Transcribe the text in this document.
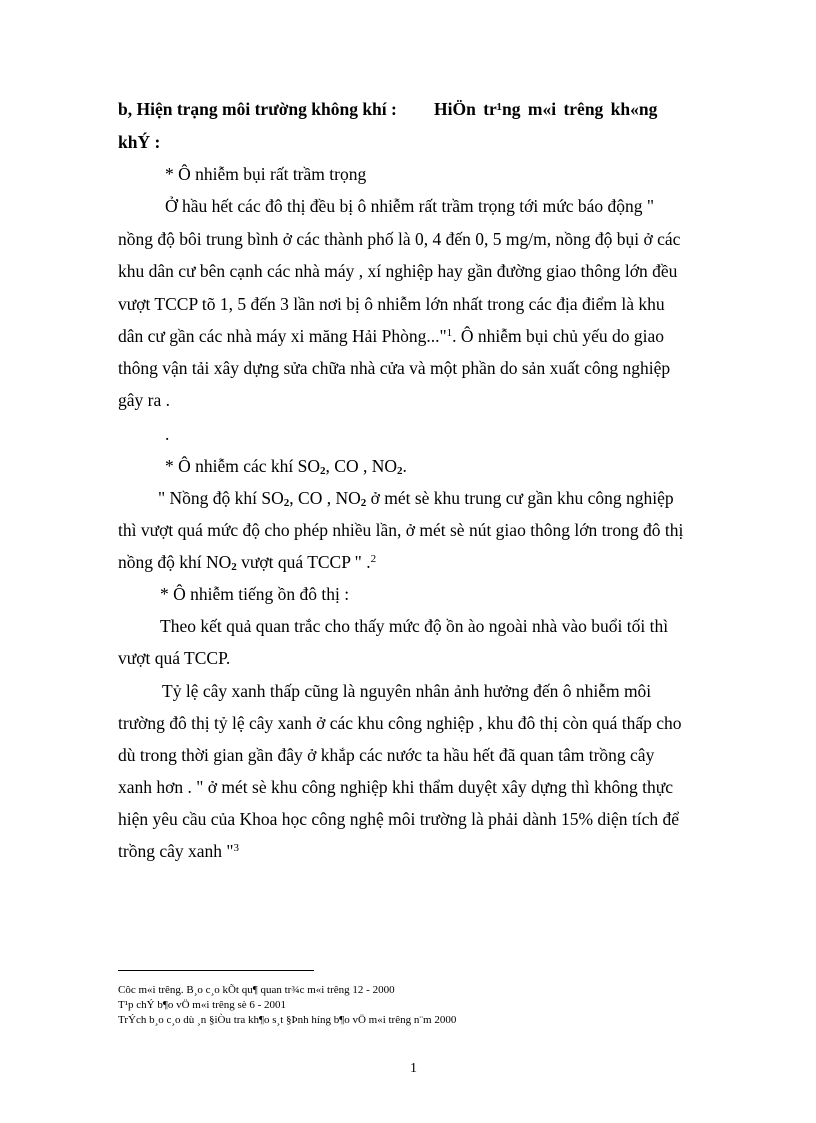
b, Hiện trạng môi trường không khí : HiÖn tr¹ng m«i trêng kh«ng
khÝ :
* Ô nhiễm bụi rất trầm trọng
Ở hầu hết các đô thị đều bị ô nhiễm rất trầm trọng tới mức báo động "
nồng độ bôi trung bình ở các thành phố là 0, 4 đến 0, 5 mg/m, nồng độ bụi ở các
khu dân cư bên cạnh các nhà máy , xí nghiệp hay gần đường giao thông lớn đều
vượt TCCP tõ 1, 5 đến 3 lần nơi bị ô nhiễm lớn nhất trong các địa điểm là khu
dân cư gần các nhà máy xi măng Hải Phòng..."$^1$. Ô nhiễm bụi chủ yếu do giao
thông vận tải xây dựng sửa chữa nhà cửa và một phần do sản xuất công nghiệp
gây ra .
.
* Ô nhiễm các khí $SO_2$, CO , $NO_2$.
" Nồng độ khí $SO_2$, CO , $NO_2$ ở mét sè khu trung cư gần khu công nghiệp
thì vượt quá mức độ cho phép nhiều lần, ở mét sè nút giao thông lớn trong đô thị
nồng độ khí $NO_2$ vượt quá TCCP " .$^2$
* Ô nhiễm tiếng ồn đô thị :
Theo kết quả quan trắc cho thấy mức độ ồn ào ngoài nhà vào buổi tối thì
vượt quá TCCP.
Tỷ lệ cây xanh thấp cũng là nguyên nhân ảnh hưởng đến ô nhiễm môi
trường đô thị tỷ lệ cây xanh ở các khu công nghiệp , khu đô thị còn quá thấp cho
dù trong thời gian gần đây ở khắp các nước ta hầu hết đã quan tâm trồng cây
xanh hơn . " ở mét sè khu công nghiệp khi thẩm duyệt xây dựng thì không thực
hiện yêu cầu của Khoa học công nghệ môi trường là phải dành 15% diện tích để
trồng cây xanh "$^3$
Côc m«i trêng. B¸o c¸o kÕt qu¶ quan tr¾c m«i trêng 12 - 2000
T¹p chÝ b¶o vÖ m«i trêng sè 6 - 2001
TrÝch b¸o c¸o dù ¸n §iÒu tra kh¶o s¸t §Þnh híng b¶o vÖ m«i trêng n¨m 2000
1
